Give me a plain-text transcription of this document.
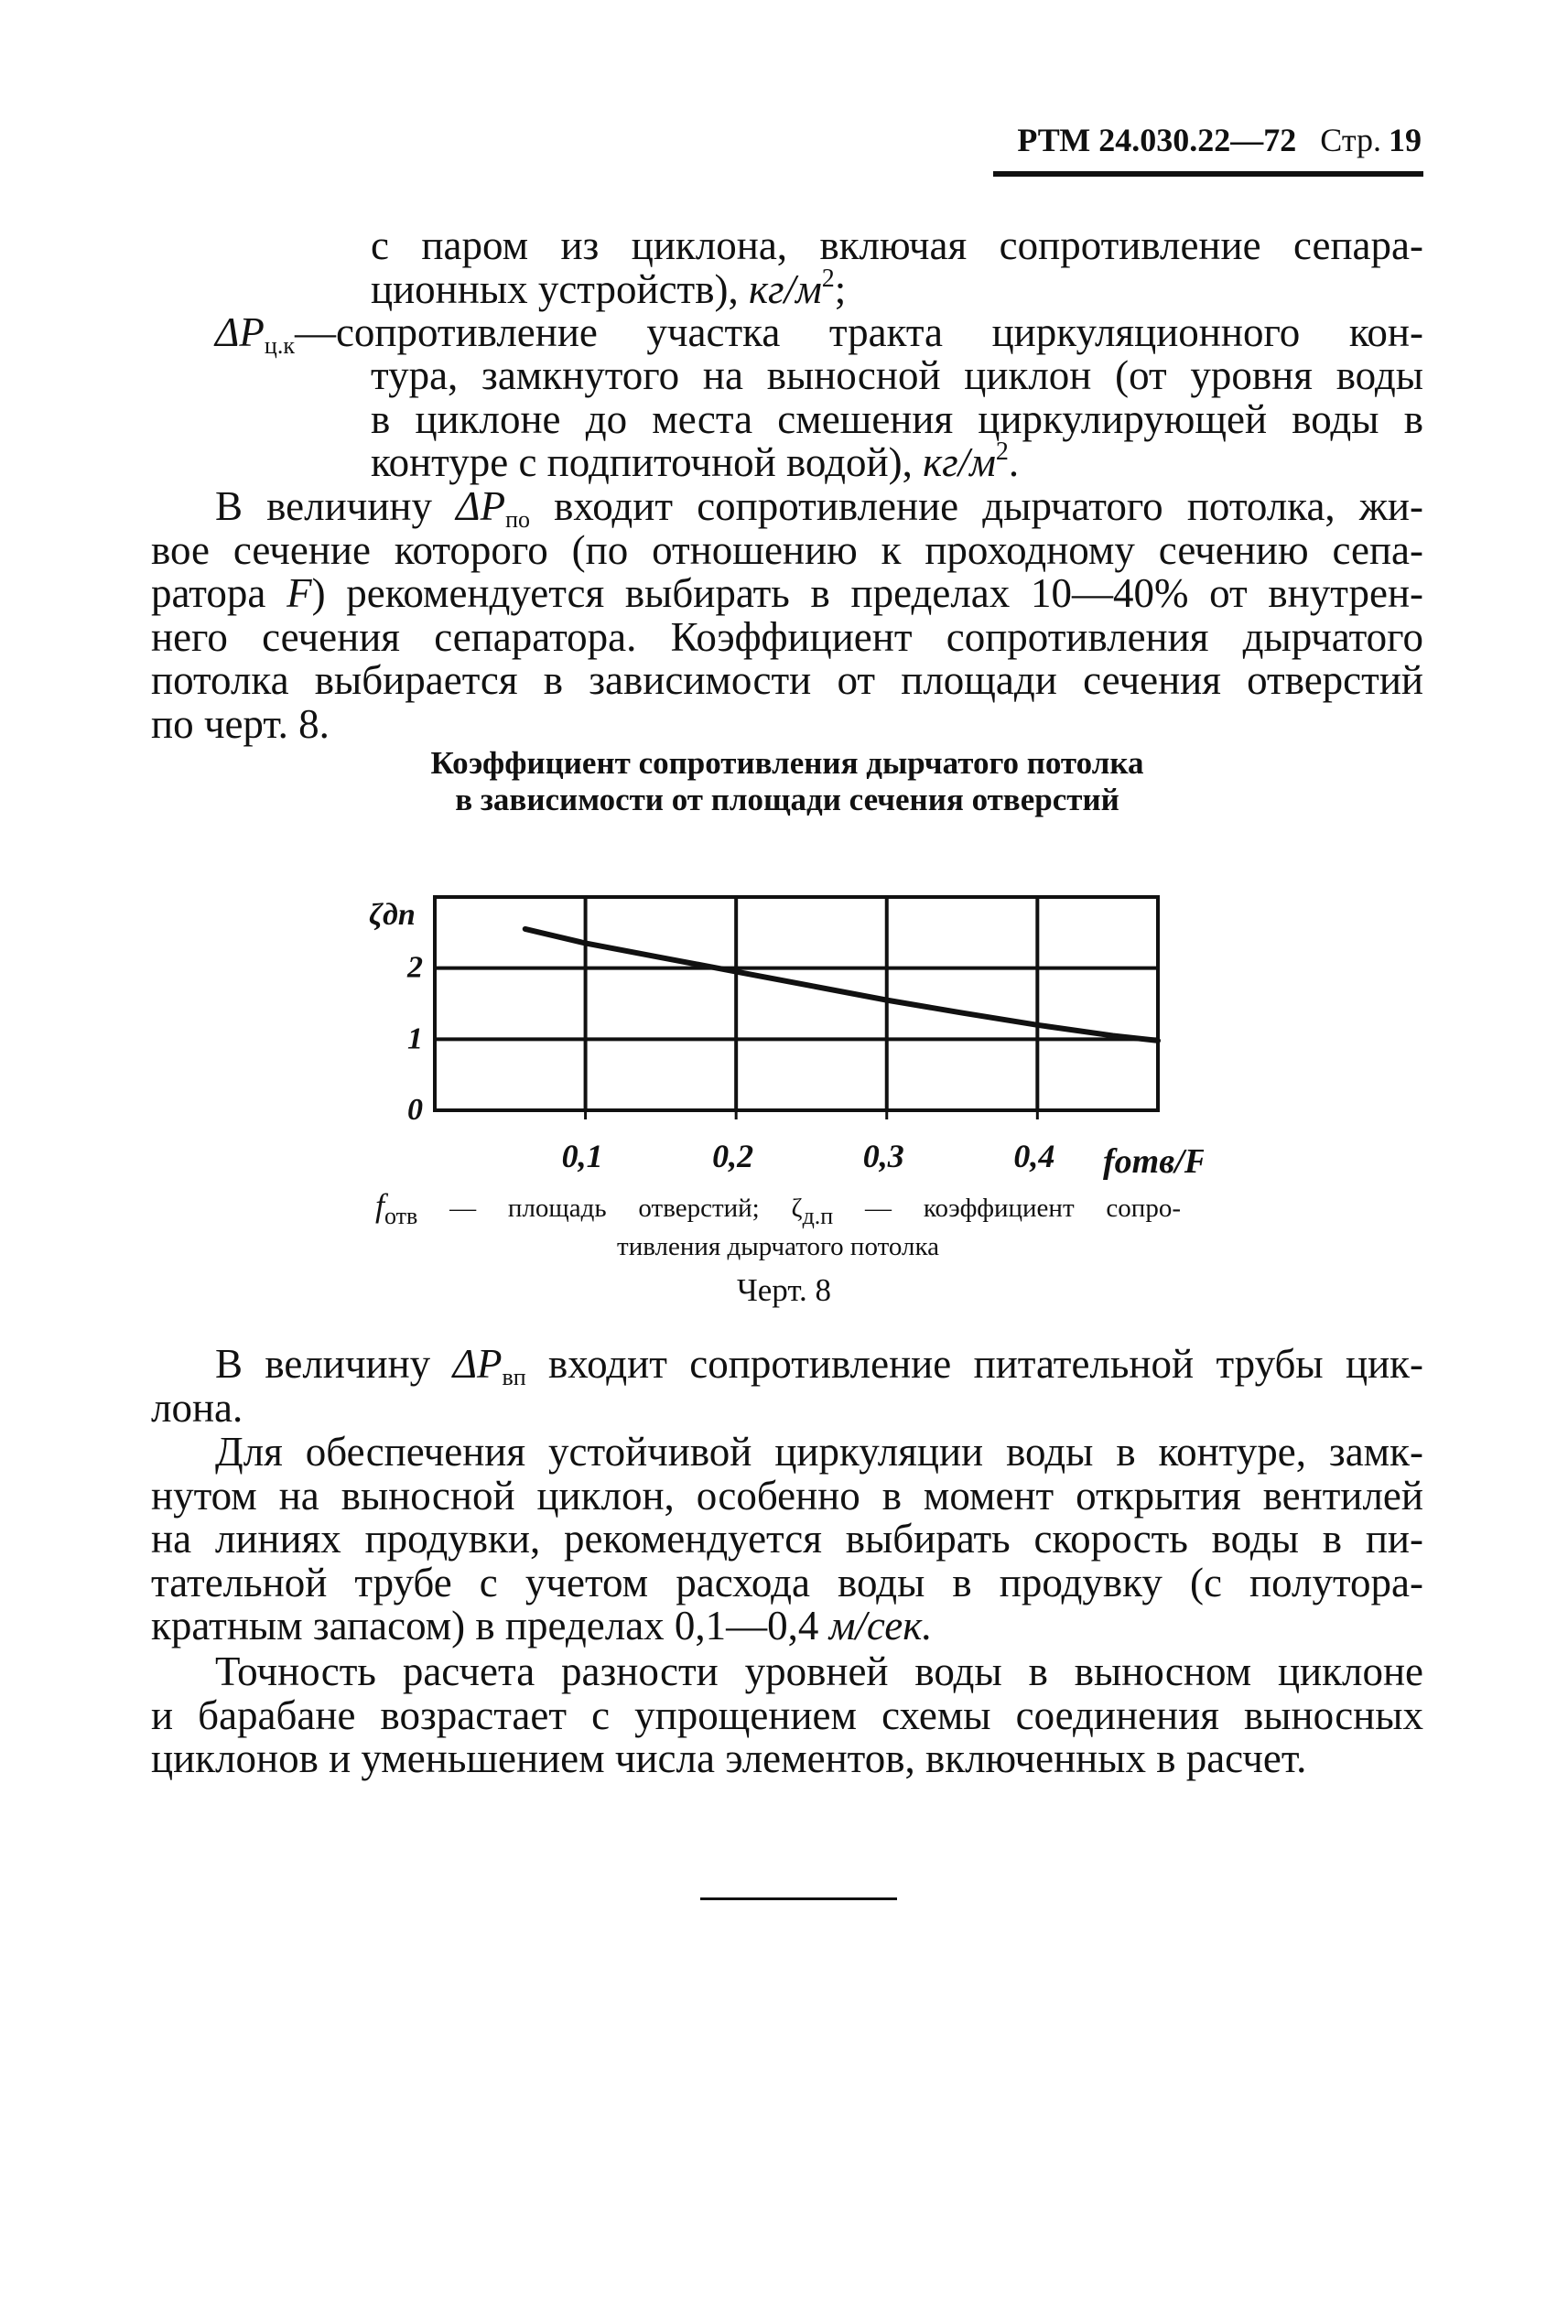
РТМ 24.030.22—72 Стр. 19
с паром из циклона, включая сопротивление сепара-
ционных устройств), $кг/м^2$;
$\Delta P_{ц.к}—сопротивление$ участка тракта циркуляционного кон-
тура, замкнутого на выносной циклон (от уровня воды
в циклоне до места смешения циркулирующей воды в
контуре с подпиточной водой), $кг/м^2$.
В величину $\Delta P_{по}$ входит сопротивление дырчатого потолка, жи-
вое сечение которого (по отношению к проходному сечению сепа-
ратора F) рекомендуется выбирать в пределах 10—40% от внутрен-
него сечения сепаратора. Коэффициент сопротивления дырчатого
потолка выбирается в зависимости от площади сечения отверстий
по черт. 8.
Коэффициент сопротивления дырчатого потолка
в зависимости от площади сечения отверстий
0,1	0,2	0,3	0,4
0
1
2
ζдп
fотв/F
$f_{отв}$ — площадь отверстий; $\zeta_{д.п}$ — коэффициент сопро-
тивления дырчатого потолка
Черт. 8
В величину $\Delta P_{вп}$ входит сопротивление питательной трубы цик-
лона.
Для обеспечения устойчивой циркуляции воды в контуре, замк-
нутом на выносной циклон, особенно в момент открытия вентилей
на линиях продувки, рекомендуется выбирать скорость воды в пи-
тательной трубе с учетом расхода воды в продувку (с полутора-
кратным запасом) в пределах 0,1—0,4 м/сек.
Точность расчета разности уровней воды в выносном циклоне
и барабане возрастает с упрощением схемы соединения выносных
циклонов и уменьшением числа элементов, включенных в расчет.
